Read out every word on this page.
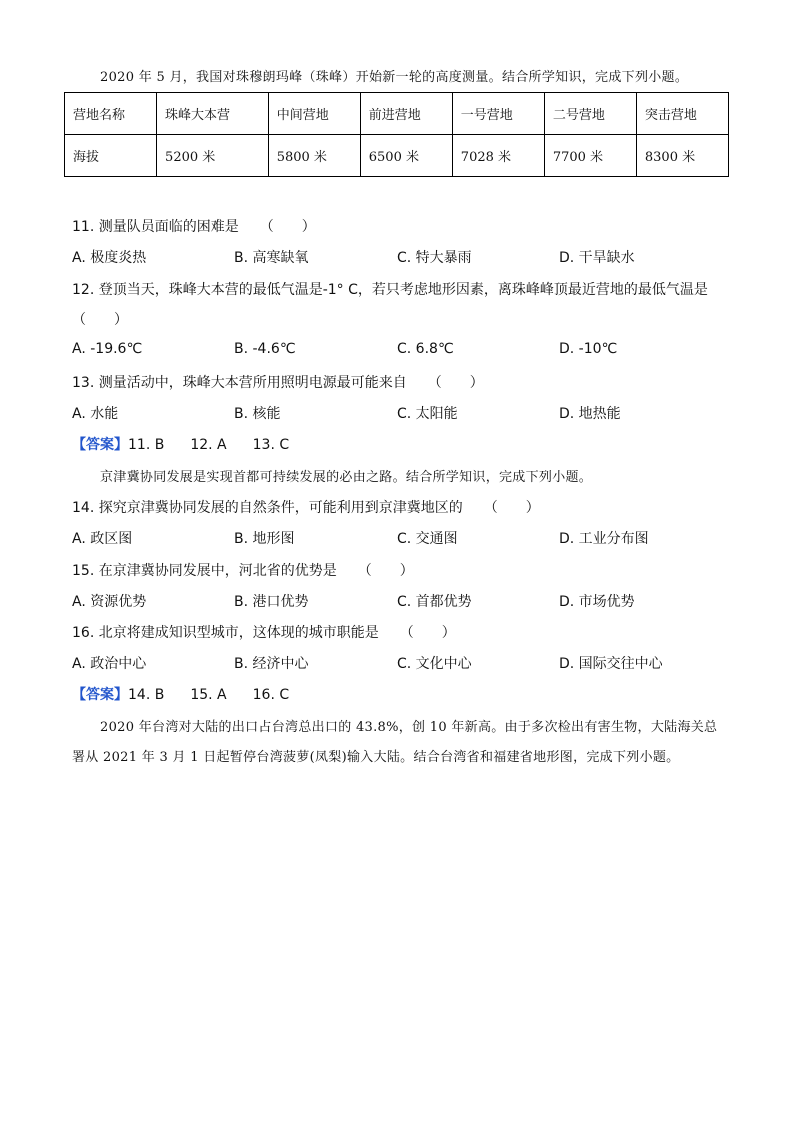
2020 年 5 月，我国对珠穆朗玛峰（珠峰）开始新一轮的高度测量。结合所学知识，完成下列小题。
营地名称	珠峰大本营	中间营地	前进营地	一号营地	二号营地	突击营地
海拔	5200 米	5800 米	6500 米	7028 米	7700 米	8300 米
11. 测量队员面临的困难是　　（　　）
A. 极度炎热	B. 高寒缺氧	C. 特大暴雨	D. 干旱缺水
12. 登顶当天，珠峰大本营的最低气温是-1° C，若只考虑地形因素，离珠峰峰顶最近营地的最低气温是
（　　）
A. -19.6℃	B. -4.6℃	C. 6.8℃	D. -10℃
13. 测量活动中，珠峰大本营所用照明电源最可能来自　　（　　）
A. 水能	B. 核能	C. 太阳能	D. 地热能
【答案】11. B 12. A 13. C
京津冀协同发展是实现首都可持续发展的必由之路。结合所学知识，完成下列小题。
14. 探究京津冀协同发展的自然条件，可能利用到京津冀地区的　　（　　）
A. 政区图	B. 地形图	C. 交通图	D. 工业分布图
15. 在京津冀协同发展中，河北省的优势是　　（　　）
A. 资源优势	B. 港口优势	C. 首都优势	D. 市场优势
16. 北京将建成知识型城市，这体现的城市职能是　　（　　）
A. 政治中心	B. 经济中心	C. 文化中心	D. 国际交往中心
【答案】14. B 15. A 16. C
2020 年台湾对大陆的出口占台湾总出口的 43.8%，创 10 年新高。由于多次检出有害生物，大陆海关总
署从 2021 年 3 月 1 日起暂停台湾菠萝(凤梨)输入大陆。结合台湾省和福建省地形图，完成下列小题。
